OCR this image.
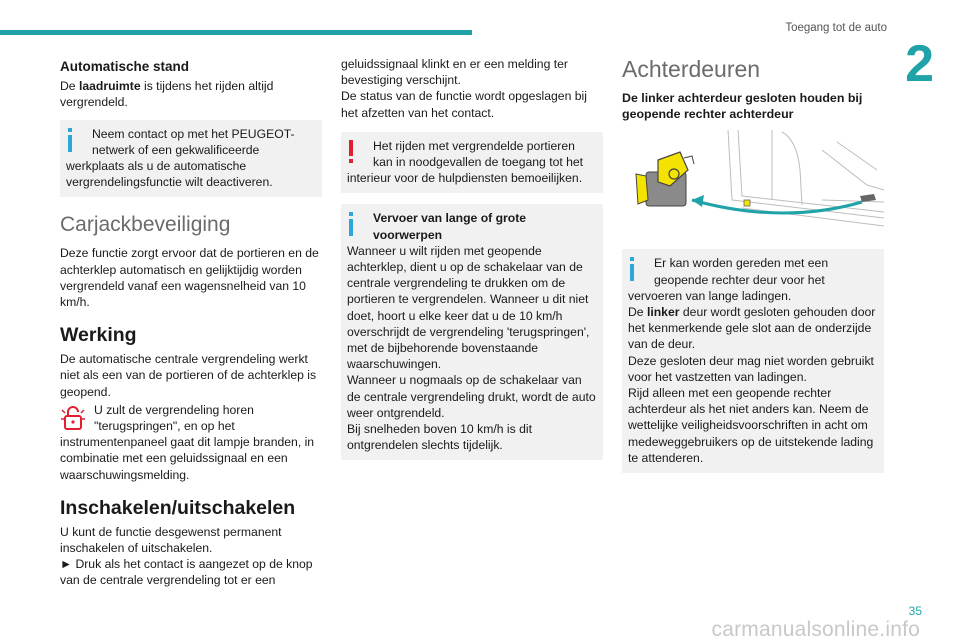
Toegang tot de auto
2
Automatische stand

De laadruimte is tijdens het rijden altijd vergrendeld.

Neem contact op met het PEUGEOT-netwerk of een gekwalificeerde

werkplaats als u de automatische vergrendelingsfunctie wilt deactiveren.

Carjackbeveiliging

Deze functie zorgt ervoor dat de portieren en de achterklep automatisch en gelijktijdig worden vergrendeld vanaf een wagensnelheid van 10 km/h.

Werking

De automatische centrale vergrendeling werkt niet als een van de portieren of de achterklep is geopend.

U zult de vergrendeling horen "terugspringen", en op het

instrumentenpaneel gaat dit lampje branden, in combinatie met een geluidssignaal en een waarschuwingsmelding.

Inschakelen/uitschakelen

U kunt de functie desgewenst permanent inschakelen of uitschakelen.

► Druk als het contact is aangezet op de knop van de centrale vergrendeling tot er een

geluidssignaal klinkt en er een melding ter bevestiging verschijnt.

De status van de functie wordt opgeslagen bij het afzetten van het contact.

Het rijden met vergrendelde portieren kan in noodgevallen de toegang tot het

interieur voor de hulpdiensten bemoeilijken.

Vervoer van lange of grote voorwerpen

Wanneer u wilt rijden met geopende achterklep, dient u op de schakelaar van de centrale vergrendeling te drukken om de portieren te vergrendelen. Wanneer u dit niet doet, hoort u elke keer dat u de 10 km/h overschrijdt de vergrendeling 'terugspringen', met de bijbehorende bovenstaande waarschuwingen.

Wanneer u nogmaals op de schakelaar van de centrale vergrendeling drukt, wordt de auto weer ontgrendeld.

Bij snelheden boven 10 km/h is dit ontgrendelen slechts tijdelijk.

Achterdeuren
De linker achterdeur gesloten houden bij geopende rechter achterdeur

Er kan worden gereden met een geopende rechter deur voor het

vervoeren van lange ladingen.

De linker deur wordt gesloten gehouden door het kenmerkende gele slot aan de onderzijde van de deur.

Deze gesloten deur mag niet worden gebruikt voor het vastzetten van ladingen.

Rijd alleen met een geopende rechter achterdeur als het niet anders kan. Neem de wettelijke veiligheidsvoorschriften in acht om medeweggebruikers op de uitstekende lading te attenderen.

35
carmanualsonline.info
